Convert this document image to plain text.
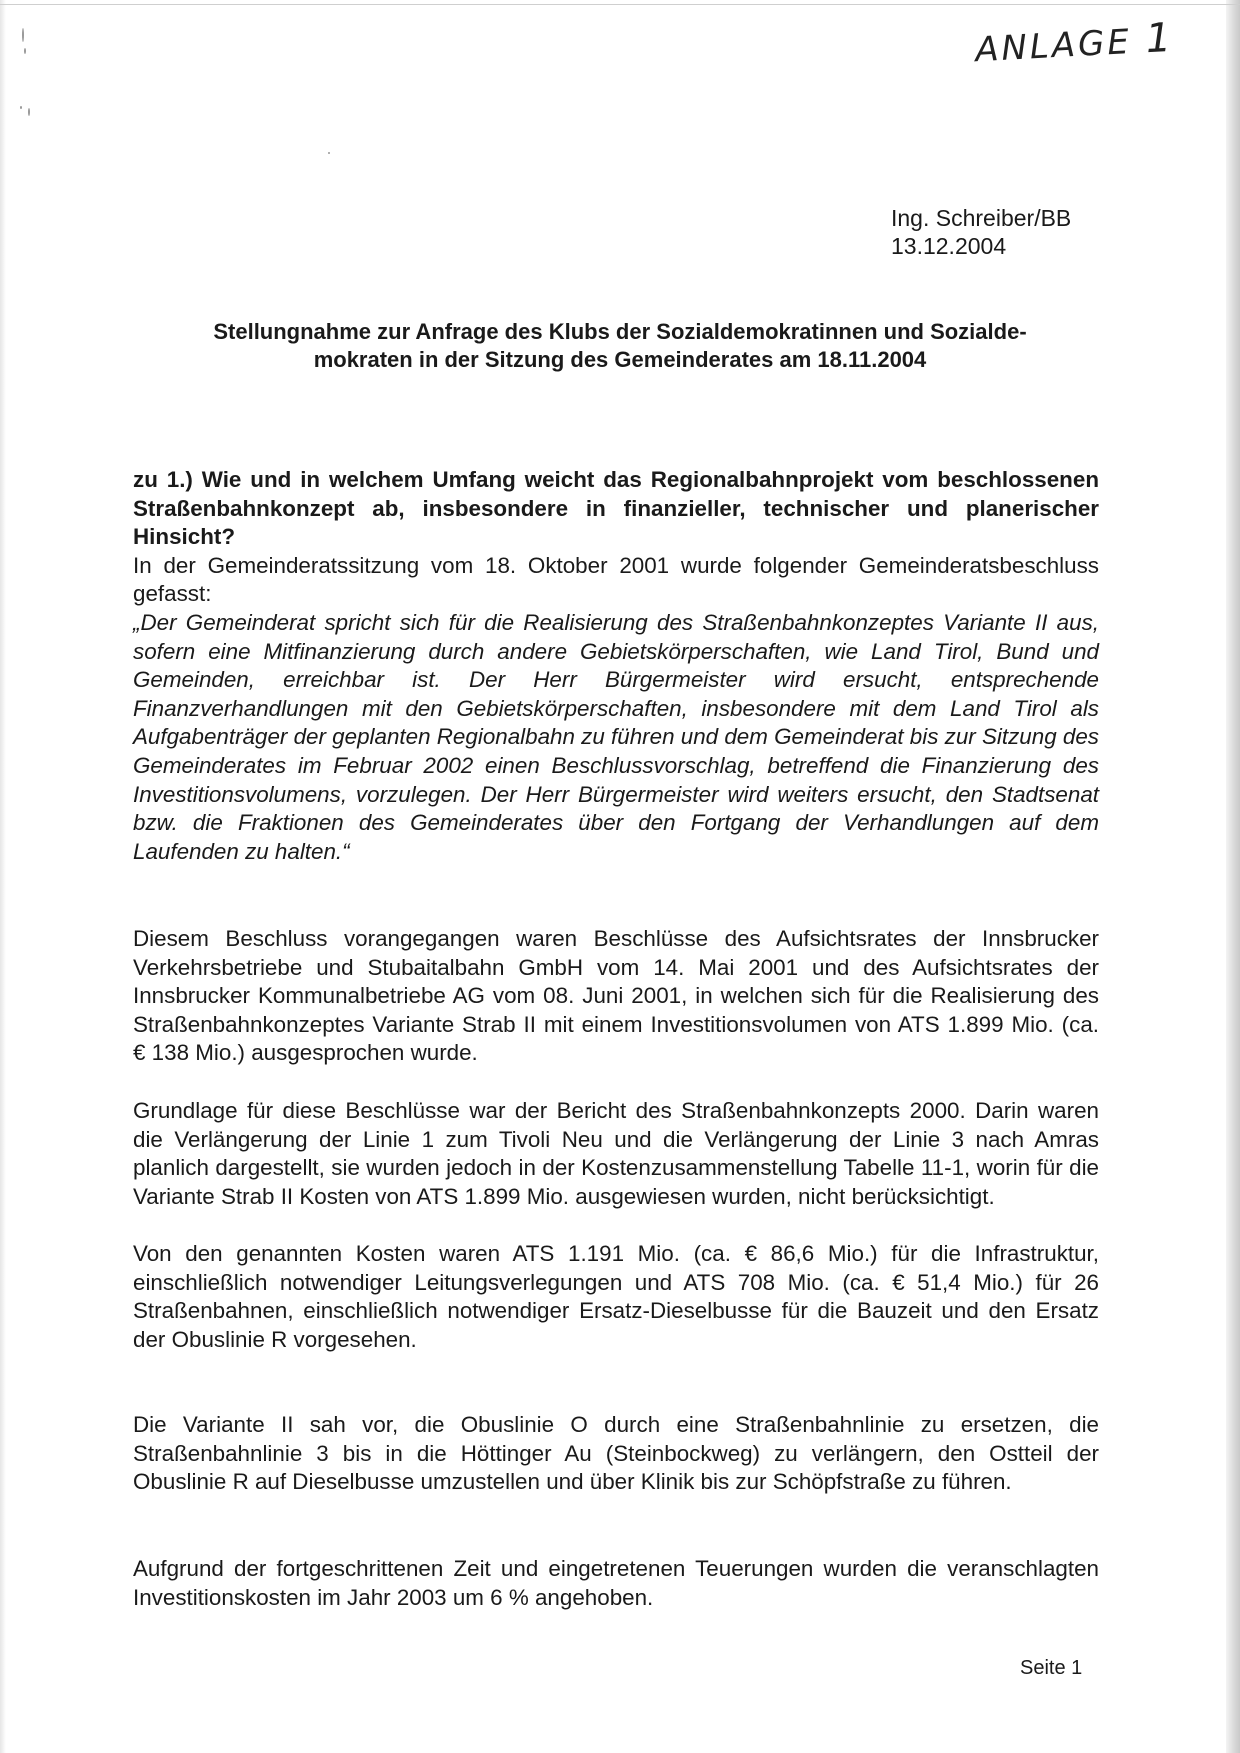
ANLAGE 1
Ing. Schreiber/BB
13.12.2004
Stellungnahme zur Anfrage des Klubs der Sozialdemokratinnen und Sozialde-
mokraten in der Sitzung des Gemeinderates am 18.11.2004
zu 1.) Wie und in welchem Umfang weicht das Regionalbahnprojekt vom beschlossenen Straßenbahnkonzept ab, insbesondere in finanzieller, technischer und planerischer Hinsicht?
In der Gemeinderatssitzung vom 18. Oktober 2001 wurde folgender Gemeinderatsbeschluss gefasst:
„Der Gemeinderat spricht sich für die Realisierung des Straßenbahnkonzeptes Variante II aus, sofern eine Mitfinanzierung durch andere Gebietskörperschaften, wie Land Tirol, Bund und Gemeinden, erreichbar ist. Der Herr Bürgermeister wird ersucht, entsprechende Finanzverhandlungen mit den Gebietskörperschaften, insbesondere mit dem Land Tirol als Aufgabenträger der geplanten Regionalbahn zu führen und dem Gemeinderat bis zur Sitzung des Gemeinderates im Februar 2002 einen Beschlussvorschlag, betreffend die Finanzierung des Investitionsvolumens, vorzulegen. Der Herr Bürgermeister wird weiters ersucht, den Stadtsenat bzw. die Fraktionen des Gemeinderates über den Fortgang der Verhandlungen auf dem Laufenden zu halten.“
Diesem Beschluss vorangegangen waren Beschlüsse des Aufsichtsrates der Innsbrucker Verkehrsbetriebe und Stubaitalbahn GmbH vom 14. Mai 2001 und des Aufsichtsrates der Innsbrucker Kommunalbetriebe AG vom 08. Juni 2001, in welchen sich für die Realisierung des Straßenbahnkonzeptes Variante Strab II mit einem Investitionsvolumen von ATS 1.899 Mio. (ca. € 138 Mio.) ausgesprochen wurde.
Grundlage für diese Beschlüsse war der Bericht des Straßenbahnkonzepts 2000. Darin waren die Verlängerung der Linie 1 zum Tivoli Neu und die Verlängerung der Linie 3 nach Amras planlich dargestellt, sie wurden jedoch in der Kostenzusammenstellung Tabelle 11-1, worin für die Variante Strab II Kosten von ATS 1.899 Mio. ausgewiesen wurden, nicht berücksichtigt.
Von den genannten Kosten waren ATS 1.191 Mio. (ca. € 86,6 Mio.) für die Infrastruktur, einschließlich notwendiger Leitungsverlegungen und ATS 708 Mio. (ca. € 51,4 Mio.) für 26 Straßenbahnen, einschließlich notwendiger Ersatz-Dieselbusse für die Bauzeit und den Ersatz der Obuslinie R vorgesehen.
Die Variante II sah vor, die Obuslinie O durch eine Straßenbahnlinie zu ersetzen, die Straßenbahnlinie 3 bis in die Höttinger Au (Steinbockweg) zu verlängern, den Ostteil der Obuslinie R auf Dieselbusse umzustellen und über Klinik bis zur Schöpfstraße zu führen.
Aufgrund der fortgeschrittenen Zeit und eingetretenen Teuerungen wurden die veranschlagten Investitionskosten im Jahr 2003 um 6 % angehoben.
Seite 1
